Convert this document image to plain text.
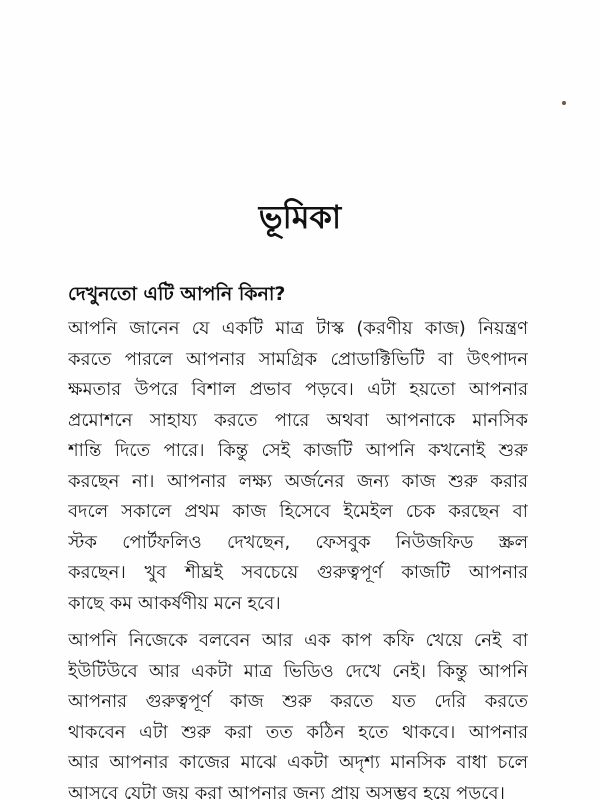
ভূমিকা
দেখুনতো এটি আপনি কিনা?
আপনি জানেন যে একটি মাত্র টাস্ক (করণীয় কাজ) নিয়ন্ত্রণ
করতে পারলে আপনার সামগ্রিক প্রোডাক্টিভিটি বা উৎপাদন
ক্ষমতার উপরে বিশাল প্রভাব পড়বে। এটা হয়তো আপনার
প্রমোশনে সাহায্য করতে পারে অথবা আপনাকে মানসিক
শান্তি দিতে পারে। কিন্তু সেই কাজটি আপনি কখনোই শুরু
করছেন না। আপনার লক্ষ্য অর্জনের জন্য কাজ শুরু করার
বদলে সকালে প্রথম কাজ হিসেবে ইমেইল চেক করছেন বা
স্টক পোর্টফলিও দেখছেন, ফেসবুক নিউজফিড স্ক্রল
করছেন। খুব শীঘ্রই সবচেয়ে গুরুত্বপূর্ণ কাজটি আপনার
কাছে কম আকর্ষণীয় মনে হবে।
আপনি নিজেকে বলবেন আর এক কাপ কফি খেয়ে নেই বা
ইউটিউবে আর একটা মাত্র ভিডিও দেখে নেই। কিন্তু আপনি
আপনার গুরুত্বপূর্ণ কাজ শুরু করতে যত দেরি করতে
থাকবেন এটা শুরু করা তত কঠিন হতে থাকবে। আপনার
আর আপনার কাজের মাঝে একটা অদৃশ্য মানসিক বাধা চলে
আসবে যেটা জয় করা আপনার জন্য প্রায় অসম্ভব হয়ে পড়বে।
